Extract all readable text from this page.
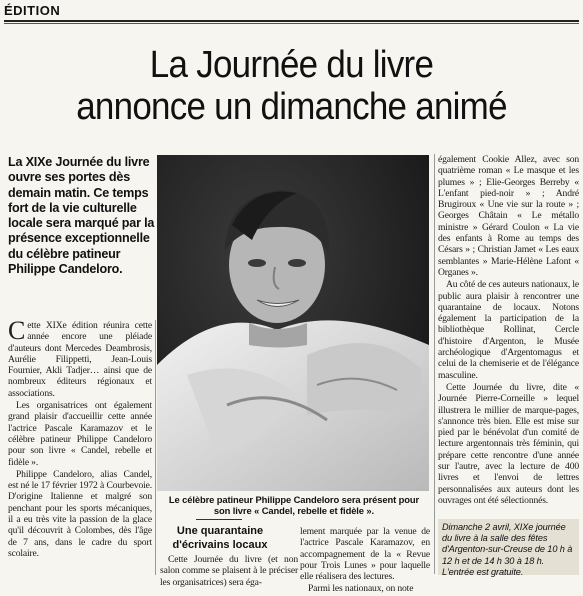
ÉDITION
La Journée du livre
annonce un dimanche animé
La XIXe Journée du livre ouvre ses portes dès demain matin. Ce temps fort de la vie culturelle locale sera marqué par la présence exceptionnelle du célèbre patineur Philippe Candeloro.

Cette XIXe édition réunira cette année encore une pléiade d'auteurs dont Mercedes Deambrosis, Aurélie Filippetti, Jean-Louis Fournier, Akli Tadjer… ainsi que de nombreux éditeurs régionaux et associations.

Les organisatrices ont également grand plaisir d'accueillir cette année l'actrice Pascale Karamazov et le célèbre patineur Philippe Candeloro pour son livre « Candel, rebelle et fidèle ».

Philippe Candeloro, alias Candel, est né le 17 février 1972 à Courbevoie. D'origine Italienne et malgré son penchant pour les sports mécaniques, il a eu très vite la passion de la glace qu'il découvrit à Colombes, dès l'âge de 7 ans, dans le cadre du sport scolaire.

Le célèbre patineur Philippe Candeloro sera présent pour son livre « Candel, rebelle et fidèle ».
Une quarantaine d'écrivains locaux

Cette Journée du livre (et non salon comme se plaisent à le préciser les organisatrices) sera éga-

lement marquée par la venue de l'actrice Pascale Karamazov, en accompagnement de la « Revue pour Trois Lunes » pour laquelle elle réalisera des lectures.

Parmi les nationaux, on note

également Cookie Allez, avec son quatrième roman « Le masque et les plumes » ; Elie-Georges Berreby « L'enfant pied-noir » ; André Brugiroux « Une vie sur la route » ; Georges Châtain « Le métallo ministre » Gérard Coulon « La vie des enfants à Rome au temps des Césars » ; Christian Jamet « Les eaux semblantes » Marie-Hélène Lafont « Organes ».

Au côté de ces auteurs nationaux, le public aura plaisir à rencontrer une quarantaine de locaux. Notons également la participation de la bibliothèque Rollinat, Cercle d'histoire d'Argenton, le Musée archéologique d'Argentomagus et celui de la chemiserie et de l'élégance masculine.

Cette Journée du livre, dite « Journée Pierre-Corneille » lequel illustrera le millier de marque-pages, s'annonce très bien. Elle est mise sur pied par le bénévolat d'un comité de lecture argentonnais très féminin, qui prépare cette rencontre d'une année sur l'autre, avec la lecture de 400 livres et l'envoi de lettres personnalisées aux auteurs dont les ouvrages ont été sélectionnés.

Dimanche 2 avril, XIXe journée du livre à la salle des fêtes d'Argenton-sur-Creuse de 10 h à 12 h et de 14 h 30 à 18 h. L'entrée est gratuite.
